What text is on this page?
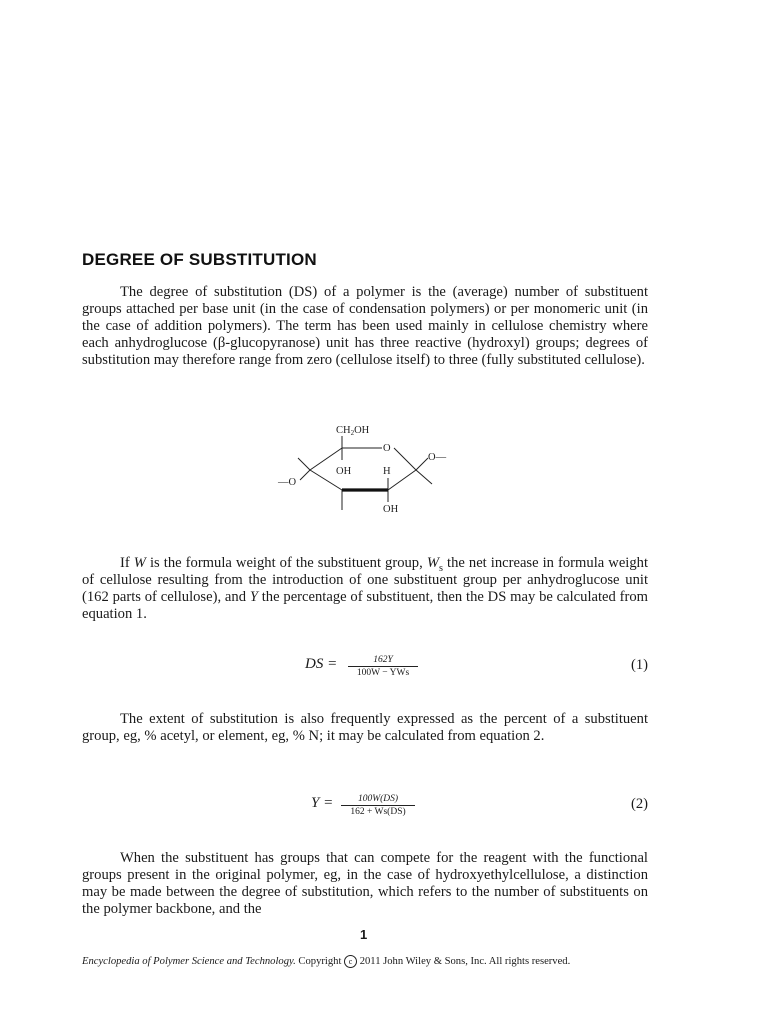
DEGREE OF SUBSTITUTION
The degree of substitution (DS) of a polymer is the (average) number of substituent groups attached per base unit (in the case of condensation polymers) or per monomeric unit (in the case of addition polymers). The term has been used mainly in cellulose chemistry where each anhydroglucose (β-glucopyranose) unit has three reactive (hydroxyl) groups; degrees of substitution may therefore range from zero (cellulose itself) to three (fully substituted cellulose).
CH2OH
O
O—
—O
OH	H
OH
If W is the formula weight of the substituent group, $W_s$ the net increase in formula weight of cellulose resulting from the introduction of one substituent group per anhydroglucose unit (162 parts of cellulose), and Y the percentage of substituent, then the DS may be calculated from equation 1.
DS =	162Y
100W − YWs	(1)
The extent of substitution is also frequently expressed as the percent of a substituent group, eg, % acetyl, or element, eg, % N; it may be calculated from equation 2.
Y =	100W(DS)
162 + Ws(DS)	(2)
When the substituent has groups that can compete for the reagent with the functional groups present in the original polymer, eg, in the case of hydroxyethylcellulose, a distinction may be made between the degree of substitution, which refers to the number of substituents on the polymer backbone, and the
1
Encyclopedia of Polymer Science and Technology. Copyright c 2011 John Wiley & Sons, Inc. All rights reserved.
